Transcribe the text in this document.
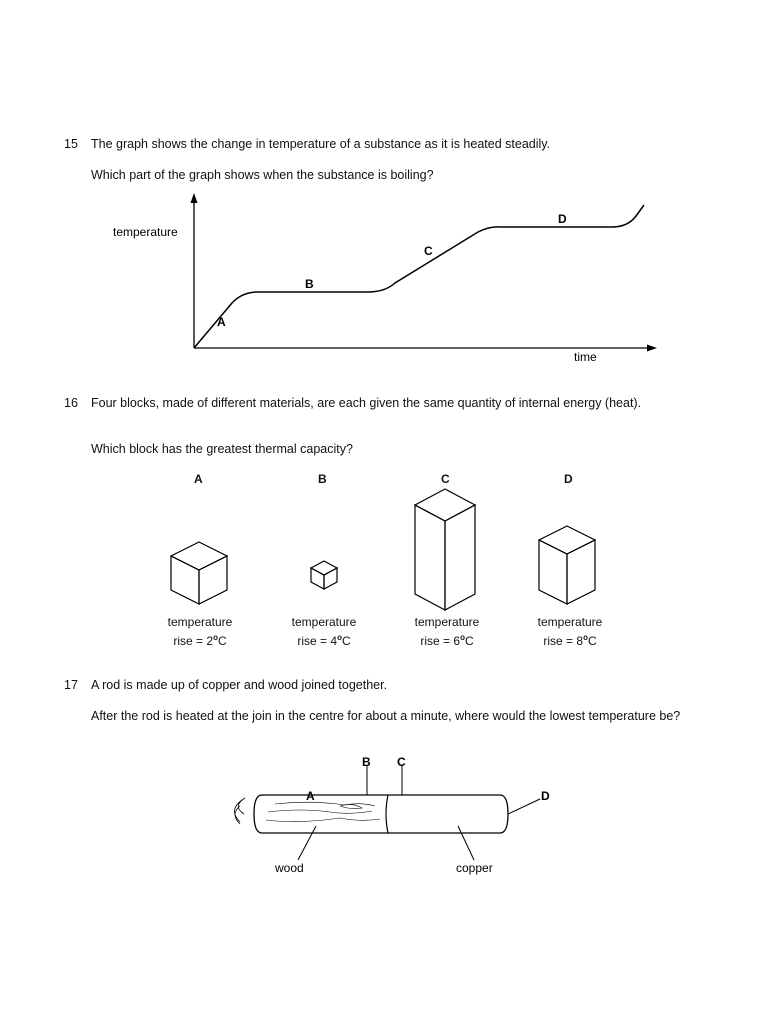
15 The graph shows the change in temperature of a substance as it is heated steadily.
Which part of the graph shows when the substance is boiling?
temperature
time
A
B
C
D
16 Four blocks, made of different materials, are each given the same quantity of internal energy (heat).
Which block has the greatest thermal capacity?
A	B	C	D
temperature
rise = $2^oC$
temperature
rise = $4^oC$
temperature
rise = $6^oC$
temperature
rise = $8^oC$
17 A rod is made up of copper and wood joined together.
After the rod is heated at the join in the centre for about a minute, where would the lowest temperature be?
A
B C
D
wood	copper
